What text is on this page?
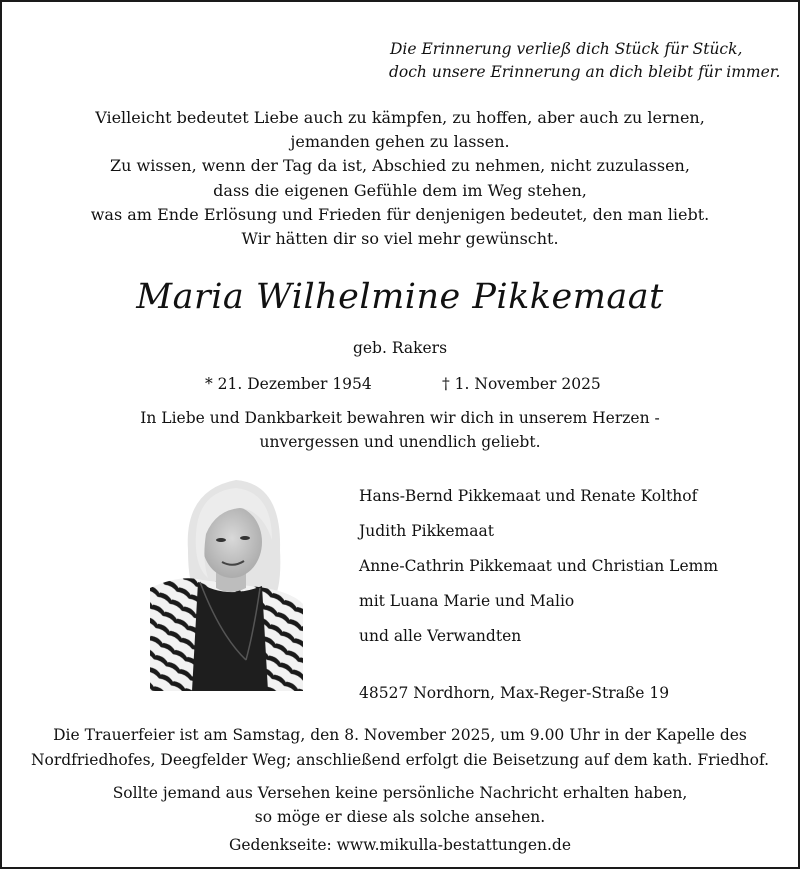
Die Erinnerung verließ dich Stück für Stück,
doch unsere Erinnerung an dich bleibt für immer.
Vielleicht bedeutet Liebe auch zu kämpfen, zu hoffen, aber auch zu lernen,
jemanden gehen zu lassen.
Zu wissen, wenn der Tag da ist, Abschied zu nehmen, nicht zuzulassen,
dass die eigenen Gefühle dem im Weg stehen,
was am Ende Erlösung und Frieden für denjenigen bedeutet, den man liebt.
Wir hätten dir so viel mehr gewünscht.
Maria Wilhelmine Pikkemaat
geb. Rakers
* 21. Dezember 1954	† 1. November 2025
In Liebe und Dankbarkeit bewahren wir dich in unserem Herzen -
unvergessen und unendlich geliebt.
Hans-Bernd Pikkemaat und Renate Kolthof
Judith Pikkemaat
Anne-Cathrin Pikkemaat und Christian Lemm
mit Luana Marie und Malio
und alle Verwandten
48527 Nordhorn, Max-Reger-Straße 19
Die Trauerfeier ist am Samstag, den 8. November 2025, um 9.00 Uhr in der Kapelle des
Nordfriedhofes, Deegfelder Weg; anschließend erfolgt die Beisetzung auf dem kath. Friedhof.
Sollte jemand aus Versehen keine persönliche Nachricht erhalten haben,
so möge er diese als solche ansehen.
Gedenkseite: www.mikulla-bestattungen.de
